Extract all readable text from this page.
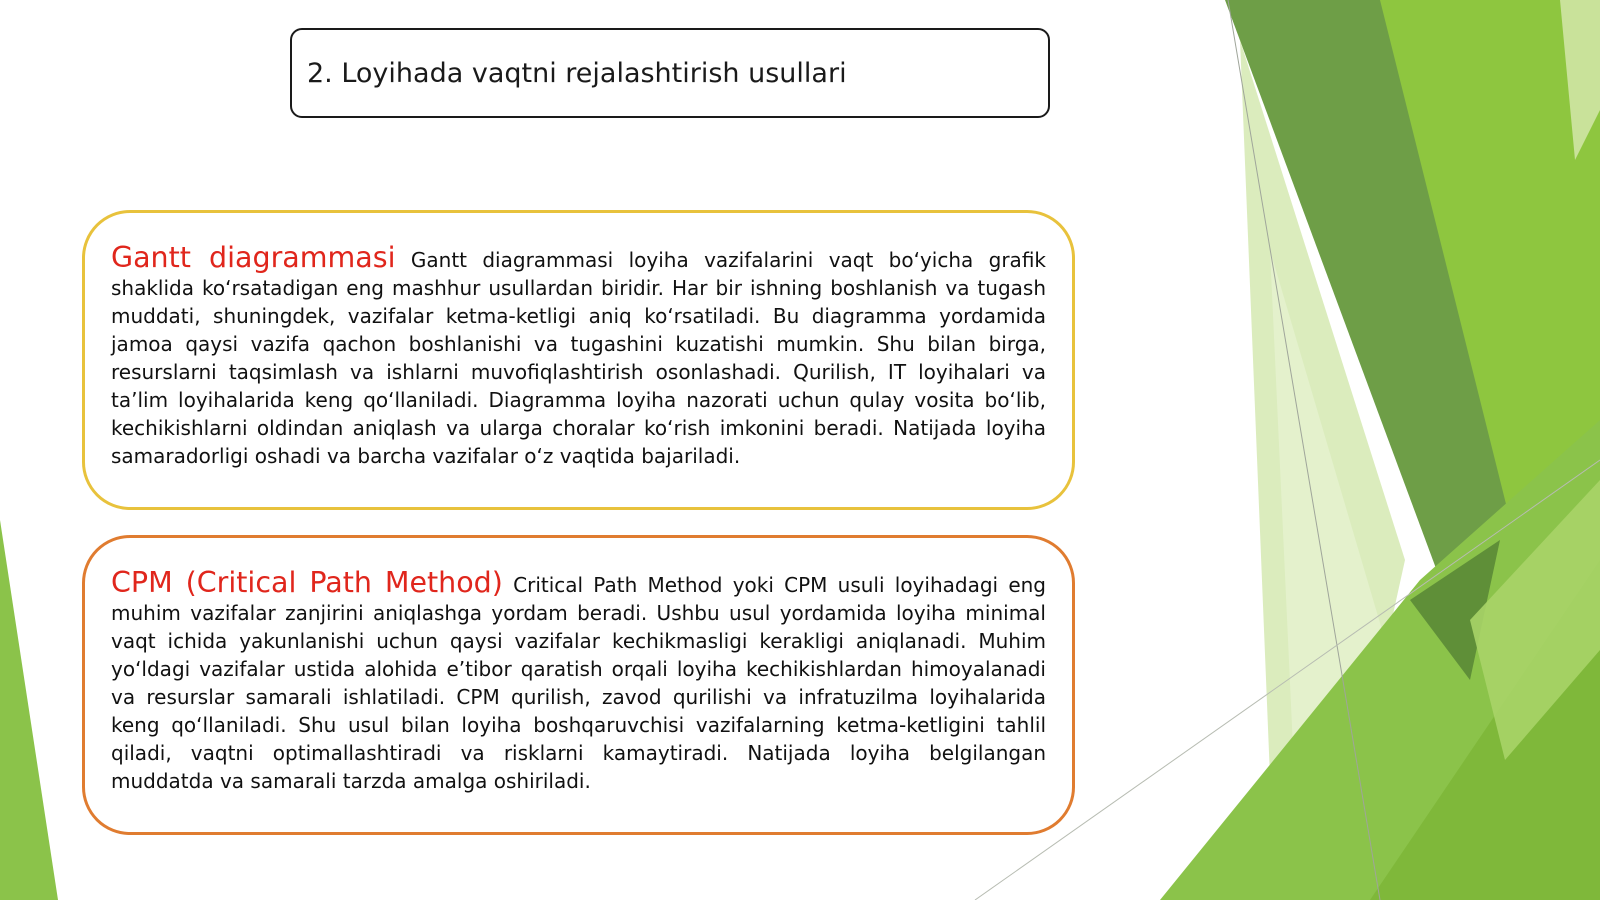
2. Loyihada vaqtni rejalashtirish usullari

Gantt diagrammasi Gantt diagrammasi loyiha vazifalarini vaqt bo‘yicha grafik shaklida ko‘rsatadigan eng mashhur usullardan biridir. Har bir ishning boshlanish va tugash muddati, shuningdek, vazifalar ketma-ketligi aniq ko‘rsatiladi. Bu diagramma yordamida jamoa qaysi vazifa qachon boshlanishi va tugashini kuzatishi mumkin. Shu bilan birga, resurslarni taqsimlash va ishlarni muvofiqlashtirish osonlashadi. Qurilish, IT loyihalari va ta’lim loyihalarida keng qo‘llaniladi. Diagramma loyiha nazorati uchun qulay vosita bo‘lib, kechikishlarni oldindan aniqlash va ularga choralar ko‘rish imkonini beradi. Natijada loyiha samaradorligi oshadi va barcha vazifalar o‘z vaqtida bajariladi.

CPM (Critical Path Method) Critical Path Method yoki CPM usuli loyihadagi eng muhim vazifalar zanjirini aniqlashga yordam beradi. Ushbu usul yordamida loyiha minimal vaqt ichida yakunlanishi uchun qaysi vazifalar kechikmasligi kerakligi aniqlanadi. Muhim yo‘ldagi vazifalar ustida alohida e’tibor qaratish orqali loyiha kechikishlardan himoyalanadi va resurslar samarali ishlatiladi. CPM qurilish, zavod qurilishi va infratuzilma loyihalarida keng qo‘llaniladi. Shu usul bilan loyiha boshqaruvchisi vazifalarning ketma-ketligini tahlil qiladi, vaqtni optimallashtiradi va risklarni kamaytiradi. Natijada loyiha belgilangan muddatda va samarali tarzda amalga oshiriladi.
